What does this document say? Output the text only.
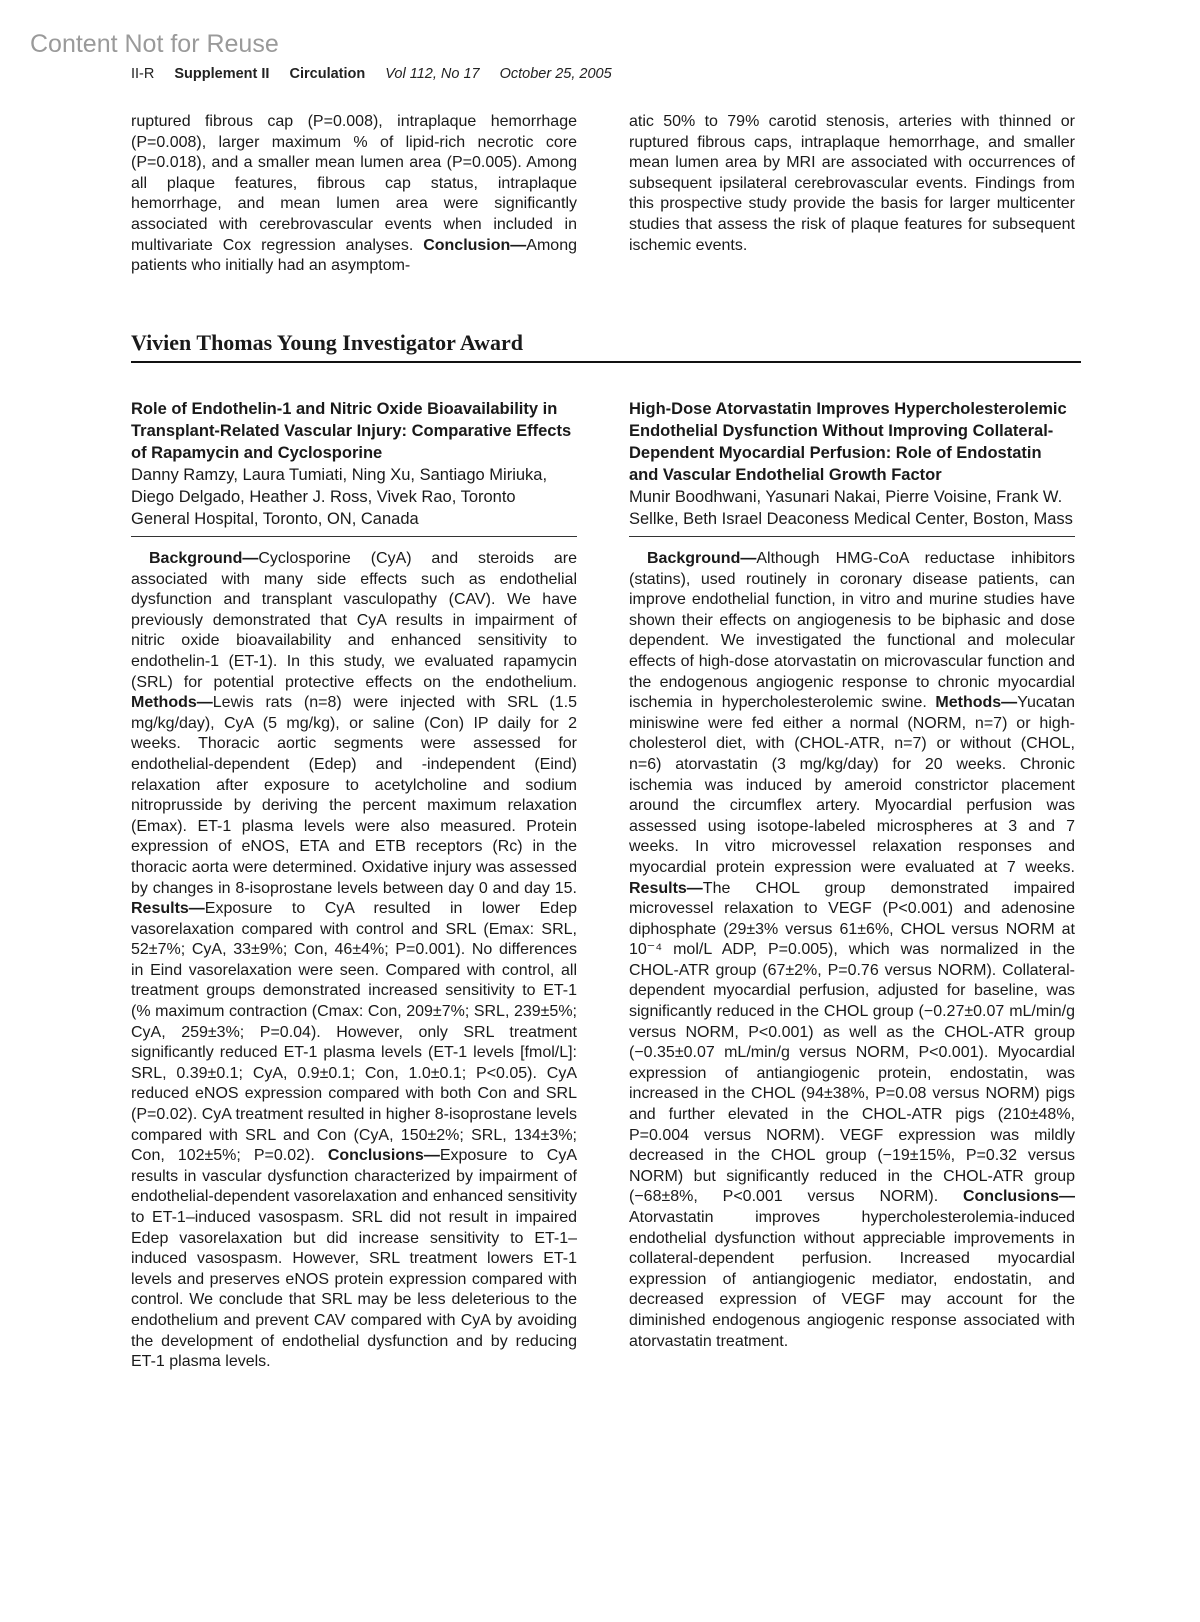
Content Not for Reuse
II-R Supplement II Circulation Vol 112, No 17 October 25, 2005

ruptured fibrous cap (P=0.008), intraplaque hemorrhage (P=0.008), larger maximum % of lipid-rich necrotic core (P=0.018), and a smaller mean lumen area (P=0.005). Among all plaque features, fibrous cap status, intraplaque hemorrhage, and mean lumen area were significantly associated with cerebrovascular events when included in multivariate Cox regression analyses. Conclusion—Among patients who initially had an asymptom-

atic 50% to 79% carotid stenosis, arteries with thinned or ruptured fibrous caps, intraplaque hemorrhage, and smaller mean lumen area by MRI are associated with occurrences of subsequent ipsilateral cerebrovascular events. Findings from this prospective study provide the basis for larger multicenter studies that assess the risk of plaque features for subsequent ischemic events.

Vivien Thomas Young Investigator Award

Role of Endothelin-1 and Nitric Oxide Bioavailability in Transplant-Related Vascular Injury: Comparative Effects of Rapamycin and Cyclosporine

Danny Ramzy, Laura Tumiati, Ning Xu, Santiago Miriuka, Diego Delgado, Heather J. Ross, Vivek Rao, Toronto General Hospital, Toronto, ON, Canada

Background—Cyclosporine (CyA) and steroids are associated with many side effects such as endothelial dysfunction and transplant vasculopathy (CAV). We have previously demonstrated that CyA results in impairment of nitric oxide bioavailability and enhanced sensitivity to endothelin-1 (ET-1). In this study, we evaluated rapamycin (SRL) for potential protective effects on the endothelium. Methods—Lewis rats (n=8) were injected with SRL (1.5 mg/kg/day), CyA (5 mg/kg), or saline (Con) IP daily for 2 weeks. Thoracic aortic segments were assessed for endothelial-dependent (Edep) and -independent (Eind) relaxation after exposure to acetylcholine and sodium nitroprusside by deriving the percent maximum relaxation (Emax). ET-1 plasma levels were also measured. Protein expression of eNOS, ETA and ETB receptors (Rc) in the thoracic aorta were determined. Oxidative injury was assessed by changes in 8-isoprostane levels between day 0 and day 15. Results—Exposure to CyA resulted in lower Edep vasorelaxation compared with control and SRL (Emax: SRL, 52±7%; CyA, 33±9%; Con, 46±4%; P=0.001). No differences in Eind vasorelaxation were seen. Compared with control, all treatment groups demonstrated increased sensitivity to ET-1 (% maximum contraction (Cmax: Con, 209±7%; SRL, 239±5%; CyA, 259±3%; P=0.04). However, only SRL treatment significantly reduced ET-1 plasma levels (ET-1 levels [fmol/L]: SRL, 0.39±0.1; CyA, 0.9±0.1; Con, 1.0±0.1; P<0.05). CyA reduced eNOS expression compared with both Con and SRL (P=0.02). CyA treatment resulted in higher 8-isoprostane levels compared with SRL and Con (CyA, 150±2%; SRL, 134±3%; Con, 102±5%; P=0.02). Conclusions—Exposure to CyA results in vascular dysfunction characterized by impairment of endothelial-dependent vasorelaxation and enhanced sensitivity to ET-1–induced vasospasm. SRL did not result in impaired Edep vasorelaxation but did increase sensitivity to ET-1–induced vasospasm. However, SRL treatment lowers ET-1 levels and preserves eNOS protein expression compared with control. We conclude that SRL may be less deleterious to the endothelium and prevent CAV compared with CyA by avoiding the development of endothelial dysfunction and by reducing ET-1 plasma levels.

High-Dose Atorvastatin Improves Hypercholesterolemic Endothelial Dysfunction Without Improving Collateral-Dependent Myocardial Perfusion: Role of Endostatin and Vascular Endothelial Growth Factor

Munir Boodhwani, Yasunari Nakai, Pierre Voisine, Frank W. Sellke, Beth Israel Deaconess Medical Center, Boston, Mass

Background—Although HMG-CoA reductase inhibitors (statins), used routinely in coronary disease patients, can improve endothelial function, in vitro and murine studies have shown their effects on angiogenesis to be biphasic and dose dependent. We investigated the functional and molecular effects of high-dose atorvastatin on microvascular function and the endogenous angiogenic response to chronic myocardial ischemia in hypercholesterolemic swine. Methods—Yucatan miniswine were fed either a normal (NORM, n=7) or high-cholesterol diet, with (CHOL-ATR, n=7) or without (CHOL, n=6) atorvastatin (3 mg/kg/day) for 20 weeks. Chronic ischemia was induced by ameroid constrictor placement around the circumflex artery. Myocardial perfusion was assessed using isotope-labeled microspheres at 3 and 7 weeks. In vitro microvessel relaxation responses and myocardial protein expression were evaluated at 7 weeks. Results—The CHOL group demonstrated impaired microvessel relaxation to VEGF (P<0.001) and adenosine diphosphate (29±3% versus 61±6%, CHOL versus NORM at 10⁻⁴ mol/L ADP, P=0.005), which was normalized in the CHOL-ATR group (67±2%, P=0.76 versus NORM). Collateral-dependent myocardial perfusion, adjusted for baseline, was significantly reduced in the CHOL group (−0.27±0.07 mL/min/g versus NORM, P<0.001) as well as the CHOL-ATR group (−0.35±0.07 mL/min/g versus NORM, P<0.001). Myocardial expression of antiangiogenic protein, endostatin, was increased in the CHOL (94±38%, P=0.08 versus NORM) pigs and further elevated in the CHOL-ATR pigs (210±48%, P=0.004 versus NORM). VEGF expression was mildly decreased in the CHOL group (−19±15%, P=0.32 versus NORM) but significantly reduced in the CHOL-ATR group (−68±8%, P<0.001 versus NORM). Conclusions—Atorvastatin improves hypercholesterolemia-induced endothelial dysfunction without appreciable improvements in collateral-dependent perfusion. Increased myocardial expression of antiangiogenic mediator, endostatin, and decreased expression of VEGF may account for the diminished endogenous angiogenic response associated with atorvastatin treatment.
